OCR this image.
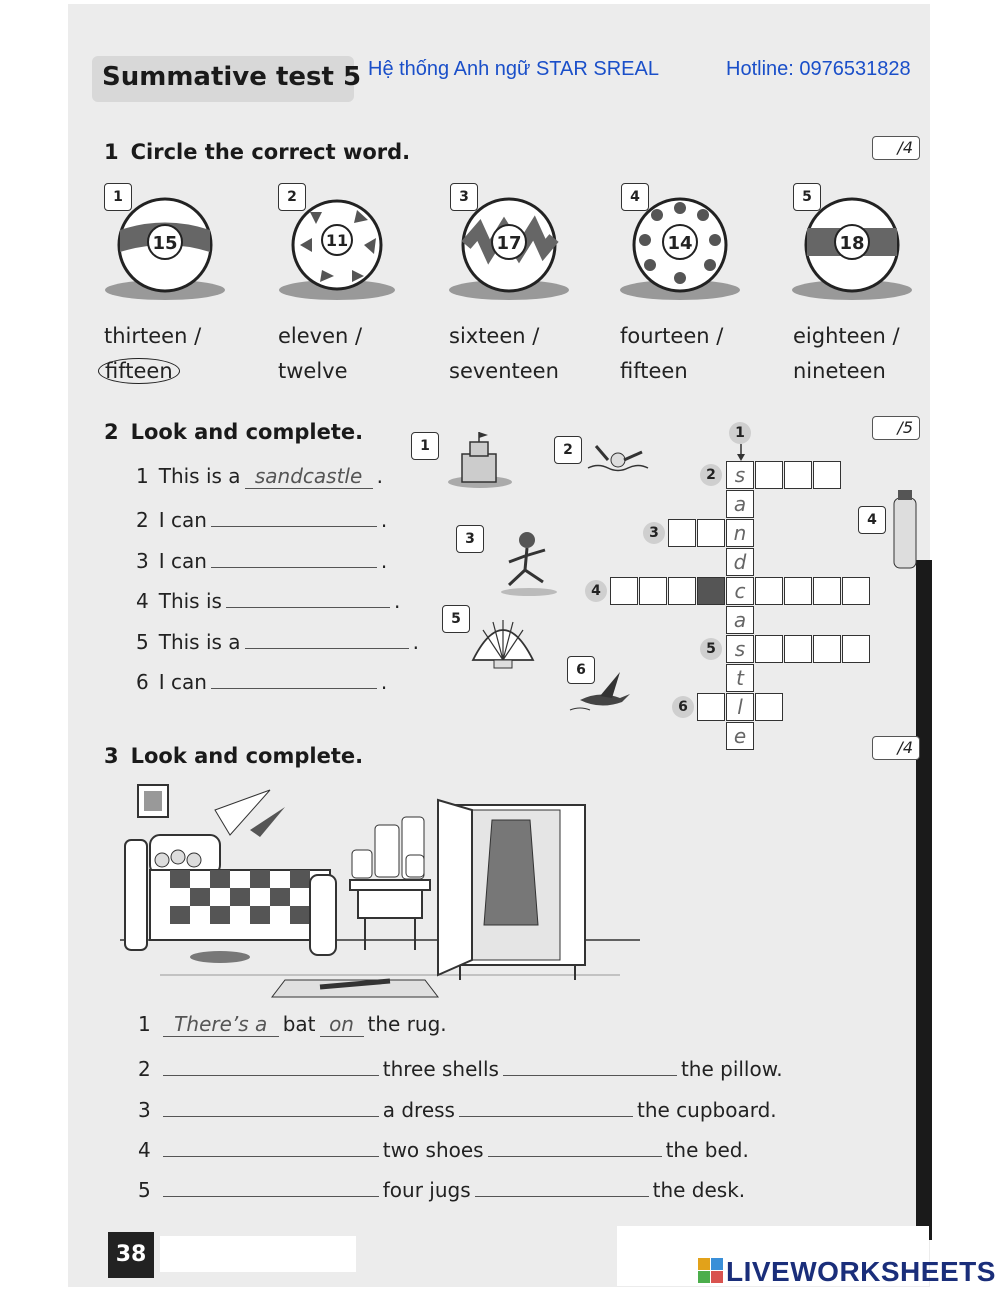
Summative test 5 Hệ thống Anh ngữ STAR SREAL	Hotline: 0976531828
1 Circle the correct word.	/4
1	2	3	4	5
15	11	17	14	18
thirteen /
fifteen
eleven /
twelve
sixteen /
seventeen
fourteen /
fifteen
eighteen /
nineteen
2 Look and complete.	/5
1 This is a sandcastle .
2 I can	.
3 I can	.
4 This is	.
5 This is a	.
6 I can	.
1	2
3
4
5
6
1
s
a
n
d
c
a
s
t
l
e
2
3
4
5
6
3 Look and complete.	/4
1	There’s a bat on the rug.
2	three shells	the pillow.
3	a dress	the cupboard.
4	two shoes	the bed.
5	four jugs	the desk.
38
LIVEWORKSHEETS
